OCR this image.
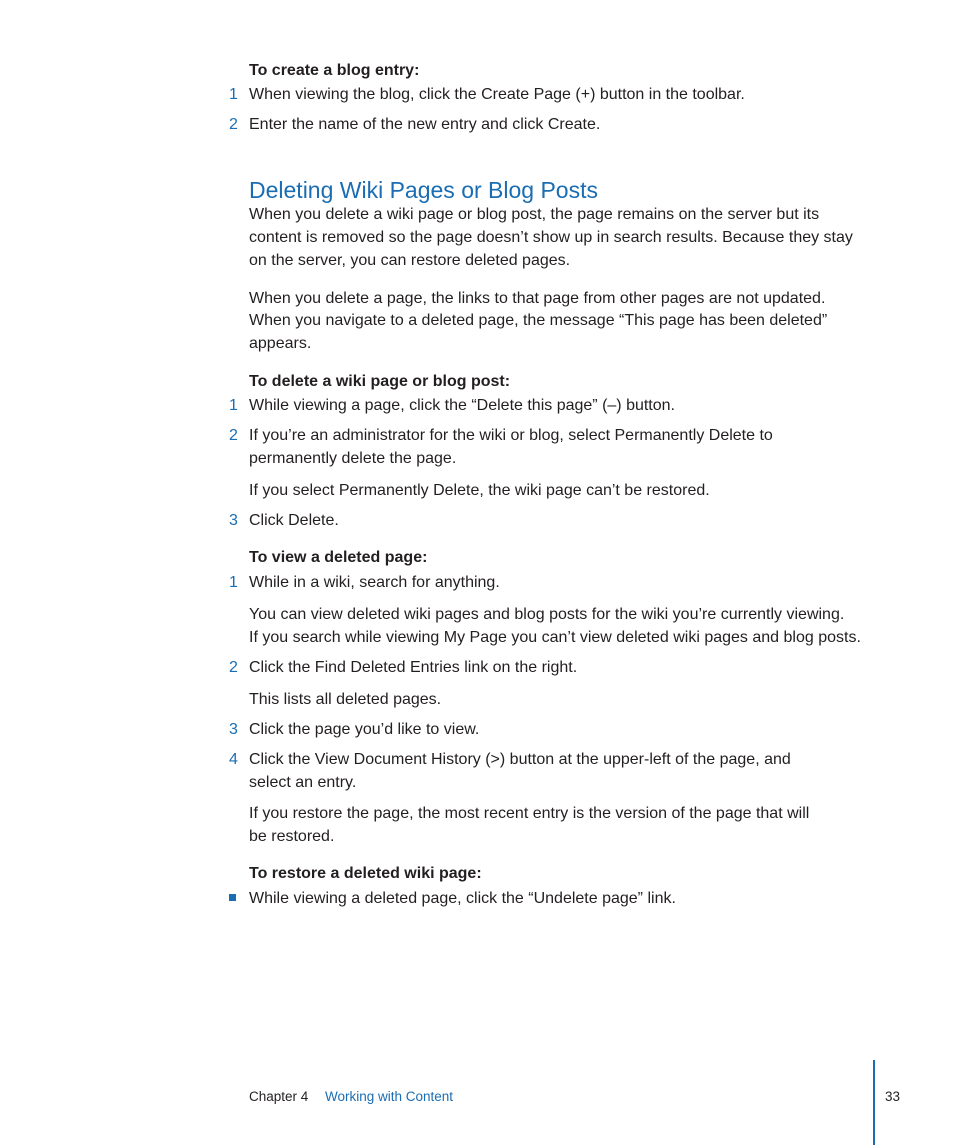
To create a blog entry:
1 When viewing the blog, click the Create Page (+) button in the toolbar.
2 Enter the name of the new entry and click Create.
Deleting Wiki Pages or Blog Posts
When you delete a wiki page or blog post, the page remains on the server but its
content is removed so the page doesn’t show up in search results. Because they stay
on the server, you can restore deleted pages.
When you delete a page, the links to that page from other pages are not updated.
When you navigate to a deleted page, the message “This page has been deleted”
appears.
To delete a wiki page or blog post:
1 While viewing a page, click the “Delete this page” (–) button.
2 If you’re an administrator for the wiki or blog, select Permanently Delete to
permanently delete the page.
If you select Permanently Delete, the wiki page can’t be restored.
3 Click Delete.
To view a deleted page:
1 While in a wiki, search for anything.
You can view deleted wiki pages and blog posts for the wiki you’re currently viewing.
If you search while viewing My Page you can’t view deleted wiki pages and blog posts.
2 Click the Find Deleted Entries link on the right.
This lists all deleted pages.
3 Click the page you’d like to view.
4 Click the View Document History (>) button at the upper-left of the page, and
select an entry.
If you restore the page, the most recent entry is the version of the page that will
be restored.
To restore a deleted wiki page:
While viewing a deleted page, click the “Undelete page” link.
Chapter 4 Working with Content	33
